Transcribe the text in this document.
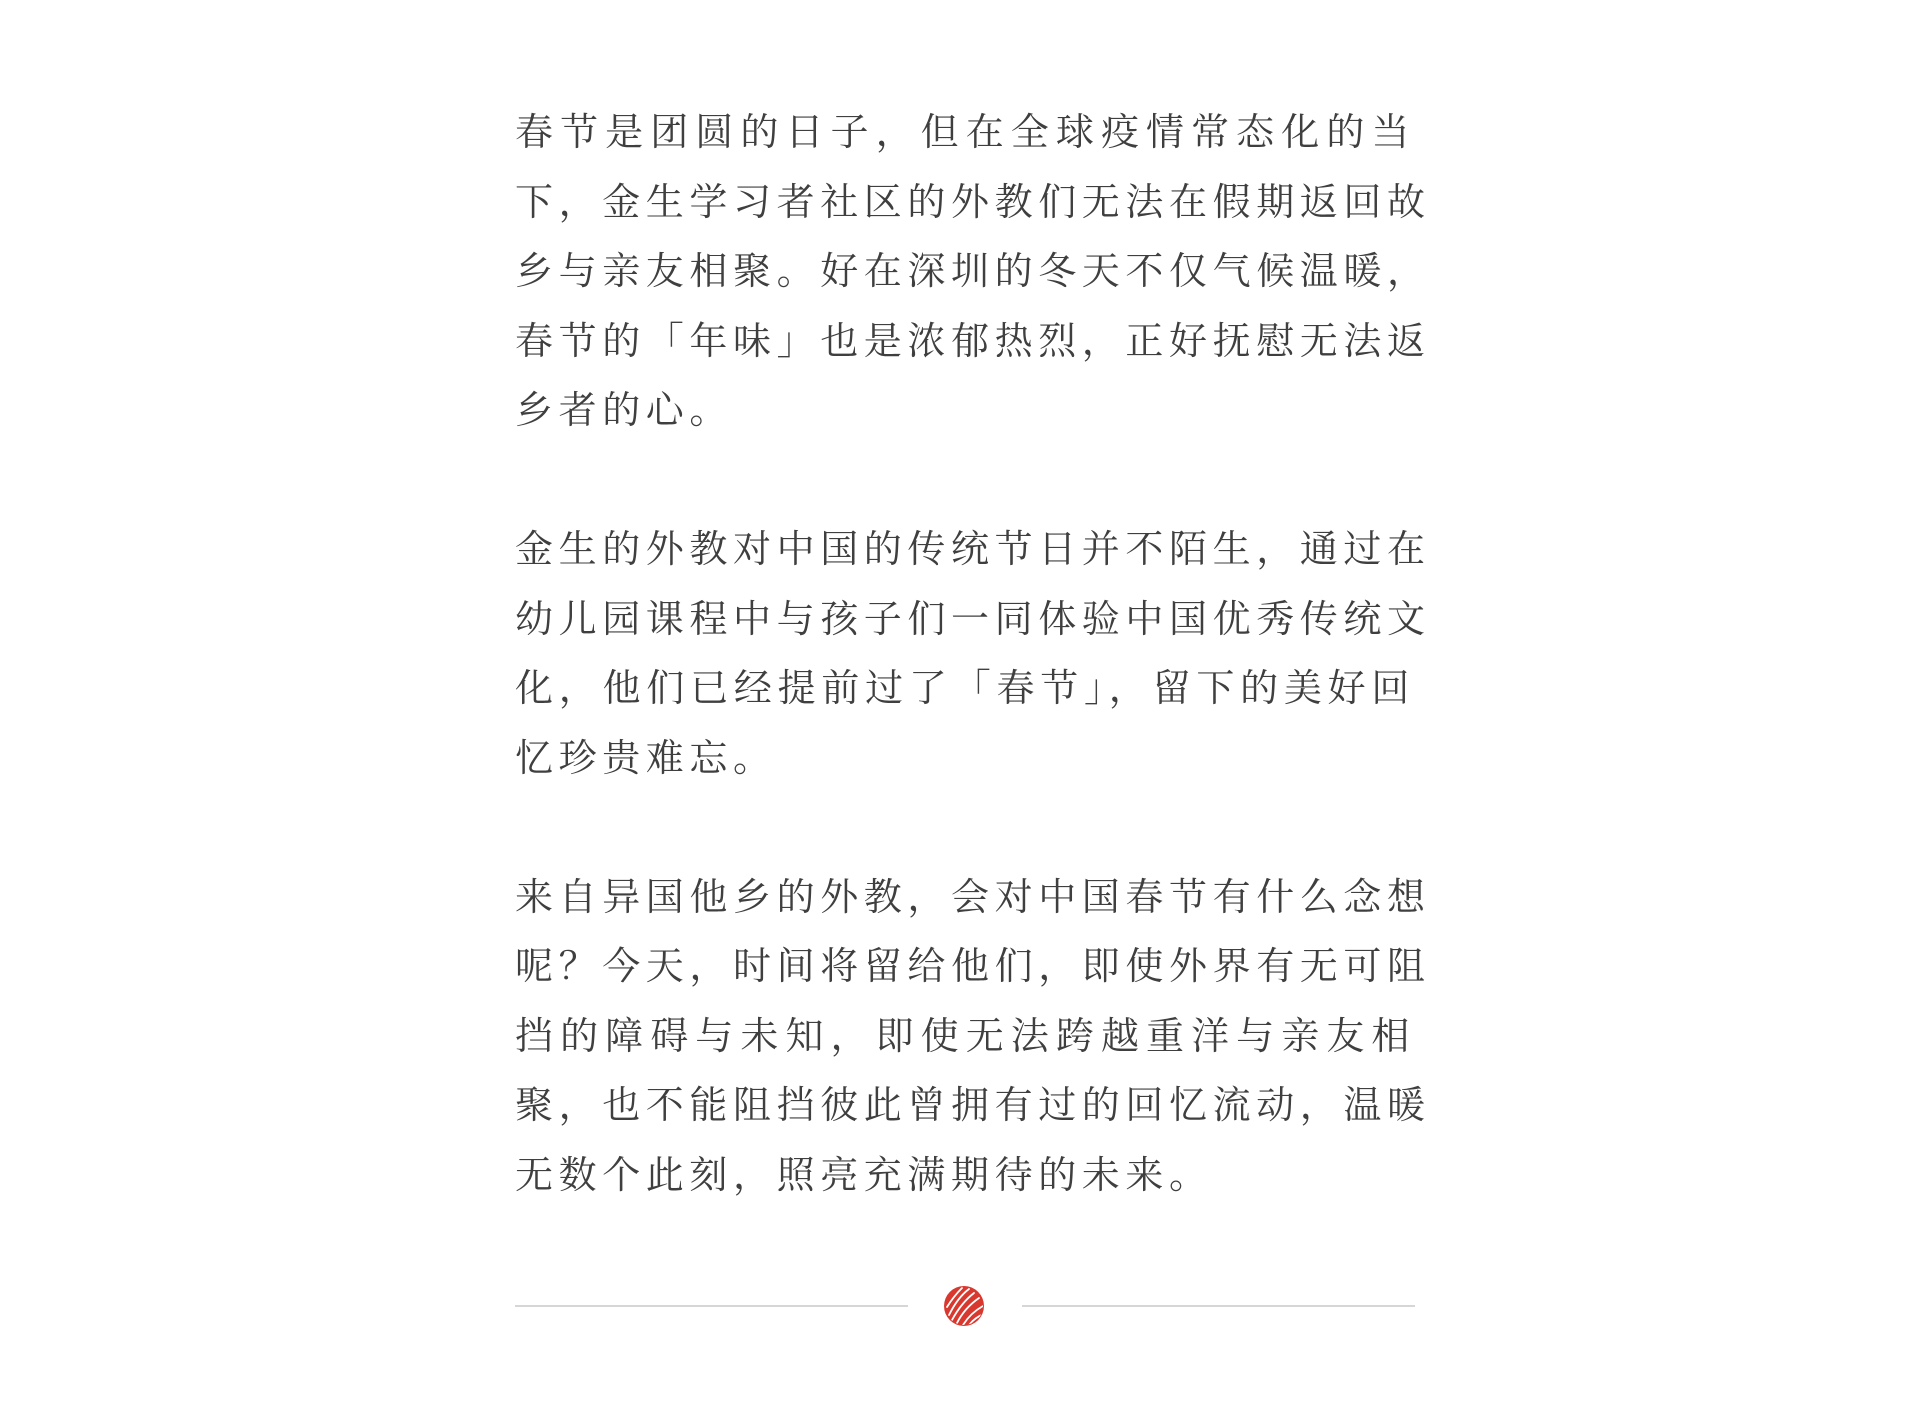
春节是团圆的日子，但在全球疫情常态化的当
下，金生学习者社区的外教们无法在假期返回故
乡与亲友相聚。好在深圳的冬天不仅气候温暖，
春节的「年味」也是浓郁热烈，正好抚慰无法返
乡者的心。
金生的外教对中国的传统节日并不陌生，通过在
幼儿园课程中与孩子们一同体验中国优秀传统文
化，他们已经提前过了「春节」，留下的美好回
忆珍贵难忘。
来自异国他乡的外教，会对中国春节有什么念想
呢？今天，时间将留给他们，即使外界有无可阻
挡的障碍与未知，即使无法跨越重洋与亲友相
聚，也不能阻挡彼此曾拥有过的回忆流动，温暖
无数个此刻，照亮充满期待的未来。
